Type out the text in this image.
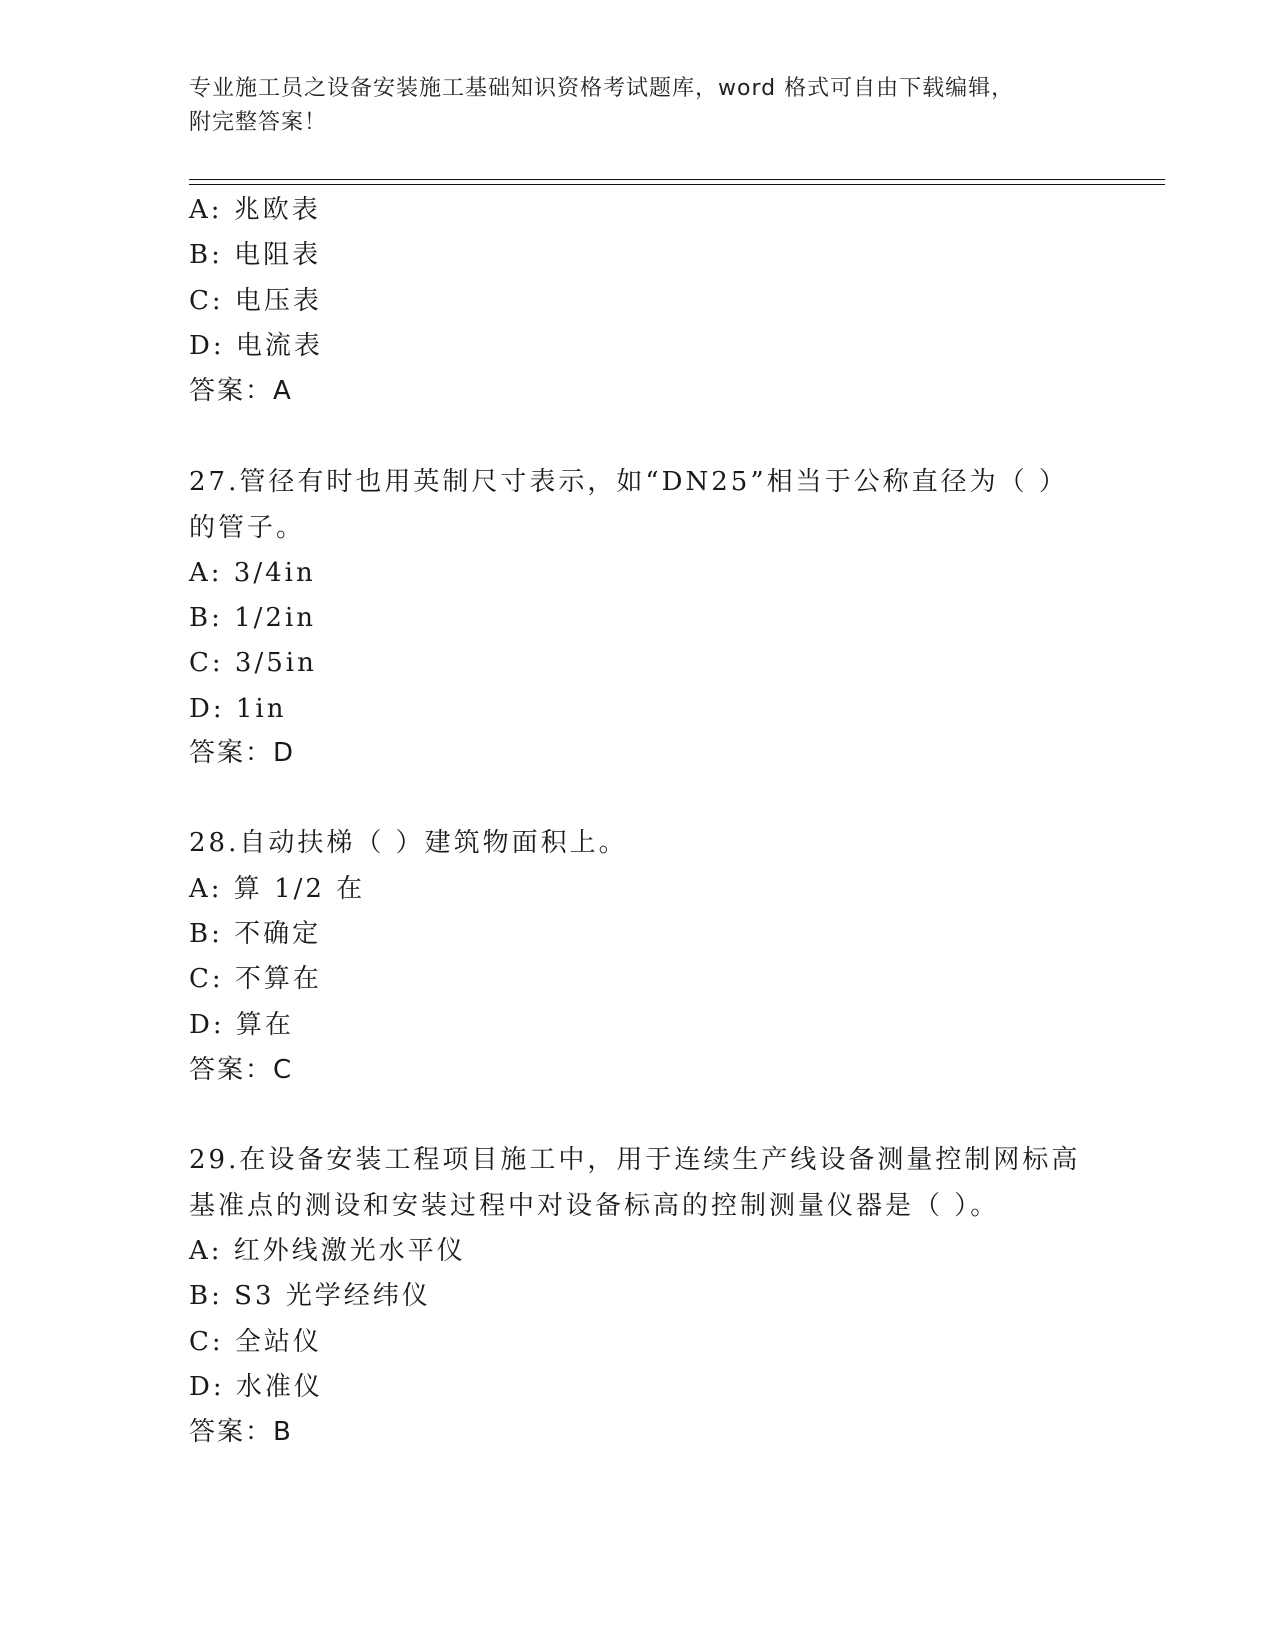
专业施工员之设备安装施工基础知识资格考试题库，word 格式可自由下载编辑，
附完整答案！
A: 兆欧表
B: 电阻表
C: 电压表
D: 电流表
答案：A
27.管径有时也用英制尺寸表示，如“DN25”相当于公称直径为（ ）
的管子。
A: 3/4in
B: 1/2in
C: 3/5in
D: 1in
答案：D
28.自动扶梯（ ）建筑物面积上。
A: 算 1/2 在
B: 不确定
C: 不算在
D: 算在
答案：C
29.在设备安装工程项目施工中，用于连续生产线设备测量控制网标高
基准点的测设和安装过程中对设备标高的控制测量仪器是（ ）。
A: 红外线激光水平仪
B: S3 光学经纬仪
C: 全站仪
D: 水准仪
答案：B
